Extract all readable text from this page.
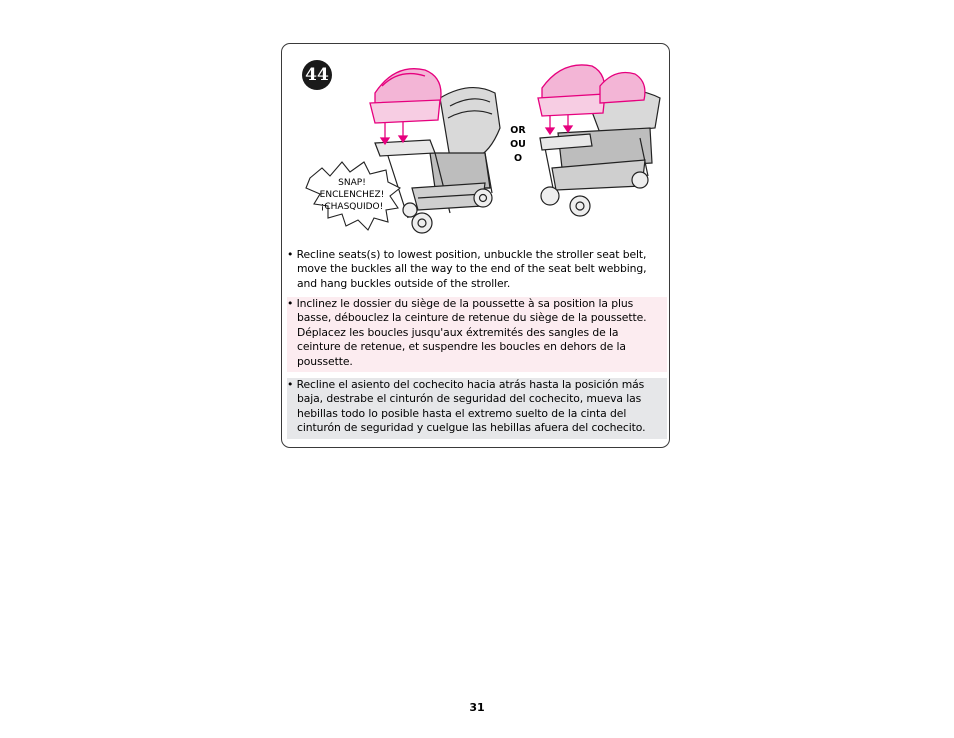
44
OR
OU
O
SNAP!
ENCLENCHEZ!
¡CHASQUIDO!
• Recline seats(s) to lowest position, unbuckle the stroller seat belt, move the buckles all the way to the end of the seat belt webbing, and hang buckles outside of the stroller.
• Inclinez le dossier du siège de la poussette à sa position la plus basse, débouclez la ceinture de retenue du siège de la poussette. Déplacez les boucles jusqu'aux éxtremités des sangles de la ceinture de retenue, et suspendre les boucles en dehors de la poussette.
• Recline el asiento del cochecito hacia atrás hasta la posición más baja, destrabe el cinturón de seguridad del cochecito, mueva las hebillas todo lo posible hasta el extremo suelto de la cinta del cinturón de seguridad y cuelgue las hebillas afuera del cochecito.
31
